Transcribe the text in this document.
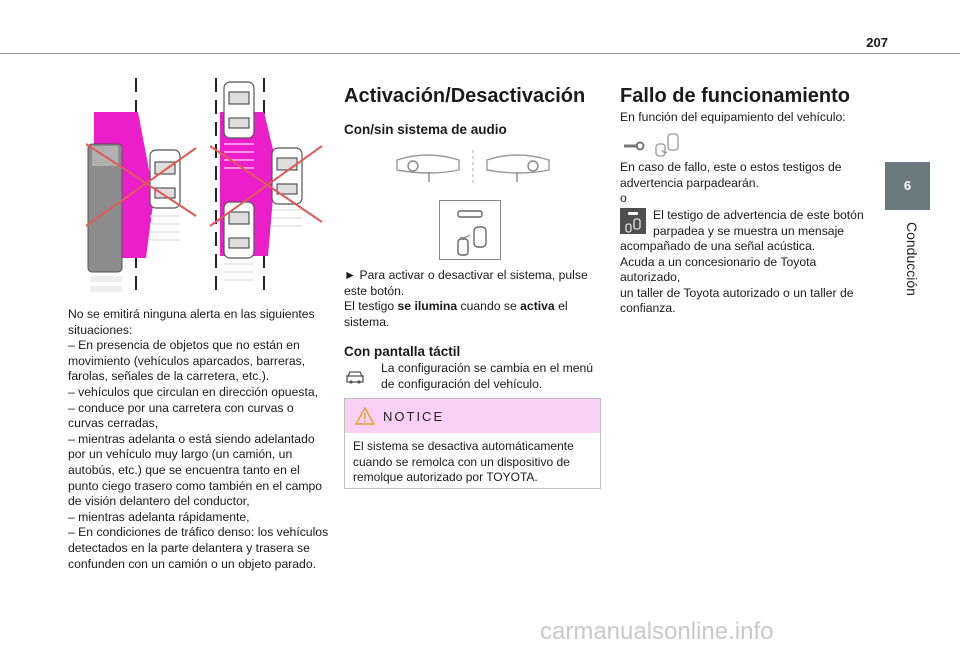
207
6
Conducción

No se emitirá ninguna alerta en las siguientes

situaciones:

– En presencia de objetos que no están en

movimiento (vehículos aparcados, barreras,

farolas, señales de la carretera, etc.).

– vehículos que circulan en dirección opuesta,

– conduce por una carretera con curvas o

curvas cerradas,

– mientras adelanta o está siendo adelantado

por un vehículo muy largo (un camión, un

autobús, etc.) que se encuentra tanto en el

punto ciego trasero como también en el campo

de visión delantero del conductor,

– mientras adelanta rápidamente,

– En condiciones de tráfico denso: los vehículos

detectados en la parte delantera y trasera se

confunden con un camión o un objeto parado.

Activación/Desactivación
Con/sin sistema de audio

► Para activar o desactivar el sistema, pulse

este botón.

El testigo se ilumina cuando se activa el

sistema.

Con pantalla táctil

La configuración se cambia en el menú

de configuración del vehículo.

NOTICE

El sistema se desactiva automáticamente

cuando se remolca con un dispositivo de

remolque autorizado por TOYOTA.

Fallo de funcionamiento
En función del equipamiento del vehículo:

En caso de fallo, este o estos testigos de

advertencia parpadearán.

o

El testigo de advertencia de este botón

parpadea y se muestra un mensaje

acompañado de una señal acústica.

Acuda a un concesionario de Toyota autorizado,

un taller de Toyota autorizado o un taller de

confianza.

carmanualsonline.info
